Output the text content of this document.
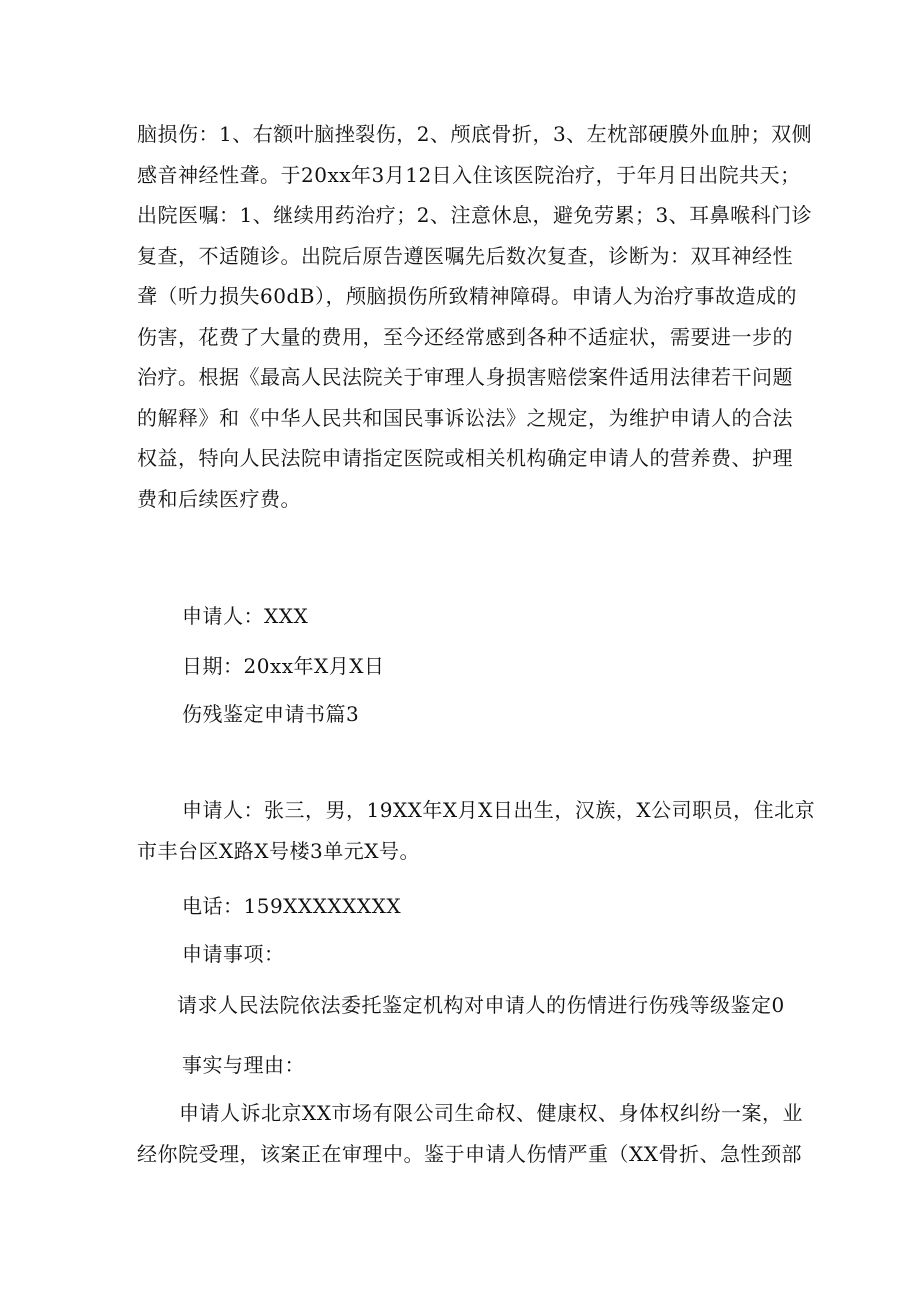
脑损伤：1、右额叶脑挫裂伤，2、颅底骨折，3、左枕部硬膜外血肿；双侧
感音神经性聋。于20xx年3月12日入住该医院治疗，于年月日出院共天；
出院医嘱：1、继续用药治疗；2、注意休息，避免劳累；3、耳鼻喉科门诊
复查，不适随诊。出院后原告遵医嘱先后数次复查，诊断为：双耳神经性
聋（听力损失60dB），颅脑损伤所致精神障碍。申请人为治疗事故造成的
伤害，花费了大量的费用，至今还经常感到各种不适症状，需要进一步的
治疗。根据《最高人民法院关于审理人身损害赔偿案件适用法律若干问题
的解释》和《中华人民共和国民事诉讼法》之规定，为维护申请人的合法
权益，特向人民法院申请指定医院或相关机构确定申请人的营养费、护理
费和后续医疗费。
申请人：XXX
日期：20xx年X月X日
伤残鉴定申请书篇3
申请人：张三，男，19XX年X月X日出生，汉族，X公司职员，住北京
市丰台区X路X号楼3单元X号。
电话：159XXXXXXXX
申请事项：
请求人民法院依法委托鉴定机构对申请人的伤情进行伤残等级鉴定0
事实与理由：
申请人诉北京XX市场有限公司生命权、健康权、身体权纠纷一案，业
经你院受理，该案正在审理中。鉴于申请人伤情严重（XX骨折、急性颈部
